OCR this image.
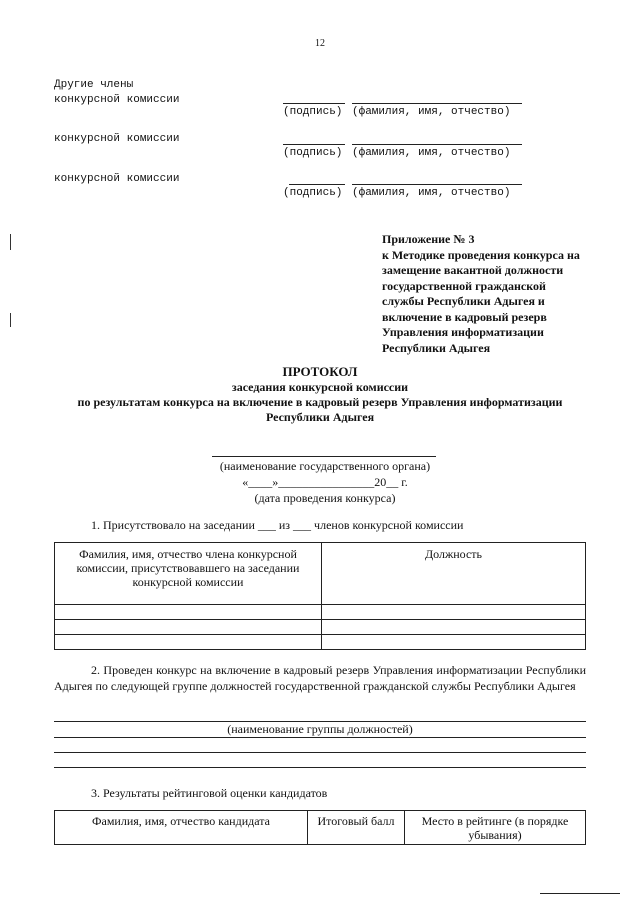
12
Другие члены
конкурсной комиссии
(подпись) (фамилия, имя, отчество)
конкурсной комиссии
(подпись) (фамилия, имя, отчество)
конкурсной комиссии
(подпись) (фамилия, имя, отчество)
Приложение № 3
к Методике проведения конкурса на
замещение вакантной должности
государственной гражданской
службы Республики Адыгея и
включение в кадровый резерв
Управления информатизации
Республики Адыгея
ПРОТОКОЛ
заседания конкурсной комиссии
по результатам конкурса на включение в кадровый резерв Управления информатизации
Республики Адыгея
(наименование государственного органа)
«____»________________20__ г.
(дата проведения конкурса)
1. Присутствовало на заседании ___ из ___ членов конкурсной комиссии
Фамилия, имя, отчество члена конкурсной комиссии, присутствовавшего на заседании конкурсной комиссии	Должность

2. Проведен конкурс на включение в кадровый резерв Управления информатизации Республики Адыгея по следующей группе должностей государственной гражданской службы Республики Адыгея
(наименование группы должностей)
3. Результаты рейтинговой оценки кандидатов
Фамилия, имя, отчество кандидата	Итоговый балл	Место в рейтинге (в порядке убывания)
